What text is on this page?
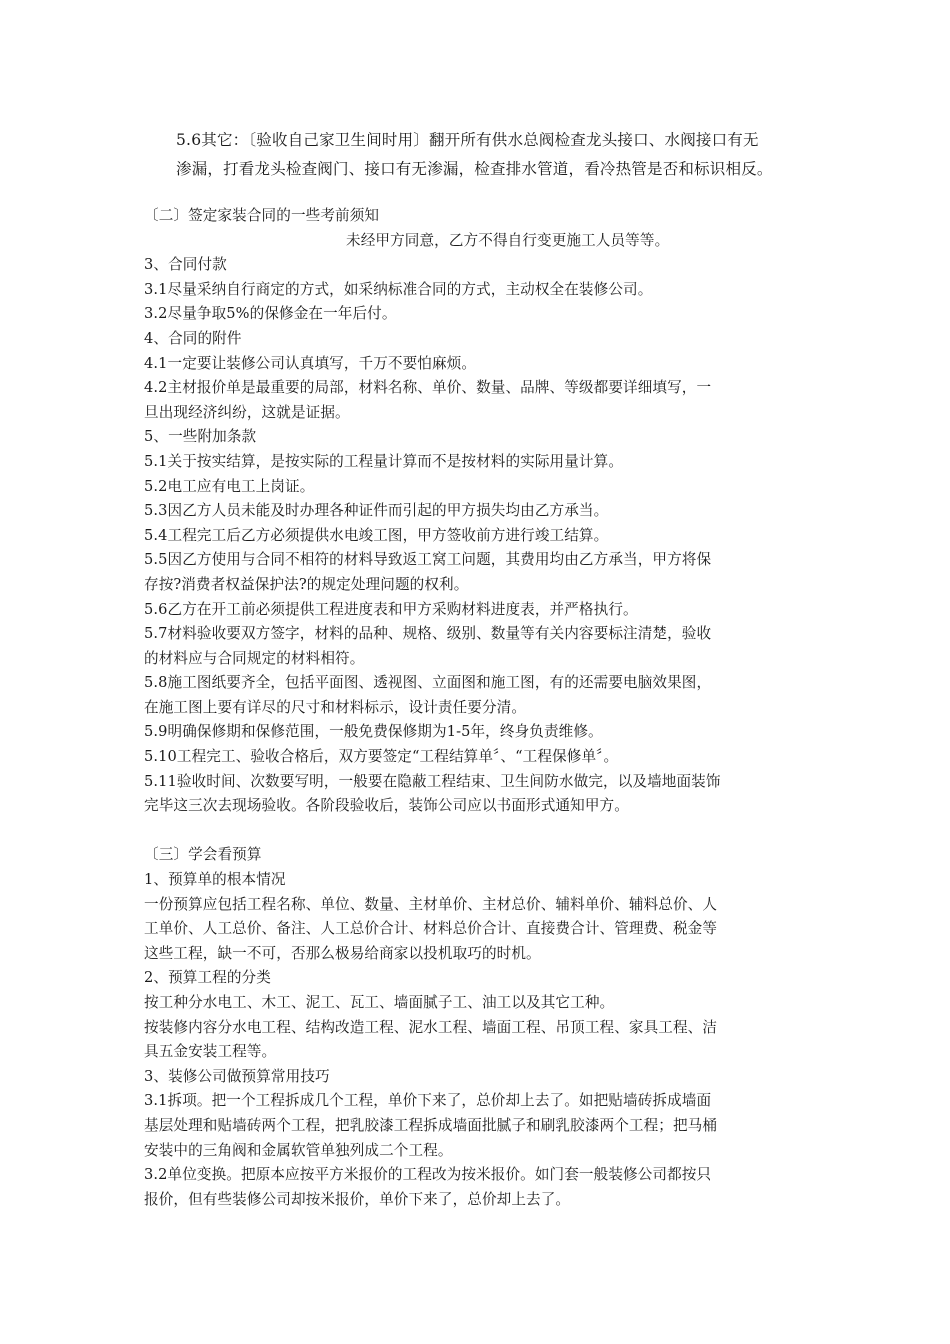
5.6其它：〔验收自己家卫生间时用〕翻开所有供水总阀检查龙头接口、水阀接口有无
渗漏，打看龙头检查阀门、接口有无渗漏，检查排水管道，看冷热管是否和标识相反。
〔二〕签定家装合同的一些考前须知
未经甲方同意，乙方不得自行变更施工人员等等。
3、合同付款
3.1尽量采纳自行商定的方式，如采纳标准合同的方式，主动权全在装修公司。
3.2尽量争取5%的保修金在一年后付。
4、合同的附件
4.1一定要让装修公司认真填写，千万不要怕麻烦。
4.2主材报价单是最重要的局部，材料名称、单价、数量、品牌、等级都要详细填写，一
旦出现经济纠纷，这就是证据。
5、一些附加条款
5.1关于按实结算，是按实际的工程量计算而不是按材料的实际用量计算。
5.2电工应有电工上岗证。
5.3因乙方人员未能及时办理各种证件而引起的甲方损失均由乙方承当。
5.4工程完工后乙方必须提供水电竣工图，甲方签收前方进行竣工结算。
5.5因乙方使用与合同不相符的材料导致返工窝工问题，其费用均由乙方承当，甲方将保
存按?消费者权益保护法?的规定处理问题的权利。
5.6乙方在开工前必须提供工程进度表和甲方采购材料进度表，并严格执行。
5.7材料验收要双方签字，材料的品种、规格、级别、数量等有关内容要标注清楚，验收
的材料应与合同规定的材料相符。
5.8施工图纸要齐全，包括平面图、透视图、立面图和施工图，有的还需要电脑效果图，
在施工图上要有详尽的尺寸和材料标示，设计责任要分清。
5.9明确保修期和保修范围，一般免费保修期为1-5年，终身负责维修。
5.10工程完工、验收合格后，双方要签定“工程结算单〞、“工程保修单〞。
5.11验收时间、次数要写明，一般要在隐蔽工程结束、卫生间防水做完，以及墙地面装饰
完毕这三次去现场验收。各阶段验收后，装饰公司应以书面形式通知甲方。
〔三〕学会看预算
1、预算单的根本情况
一份预算应包括工程名称、单位、数量、主材单价、主材总价、辅料单价、辅料总价、人
工单价、人工总价、备注、人工总价合计、材料总价合计、直接费合计、管理费、税金等
这些工程，缺一不可，否那么极易给商家以投机取巧的时机。
2、预算工程的分类
按工种分水电工、木工、泥工、瓦工、墙面腻子工、油工以及其它工种。
按装修内容分水电工程、结构改造工程、泥水工程、墙面工程、吊顶工程、家具工程、洁
具五金安装工程等。
3、装修公司做预算常用技巧
3.1拆项。把一个工程拆成几个工程，单价下来了，总价却上去了。如把贴墙砖拆成墙面
基层处理和贴墙砖两个工程，把乳胶漆工程拆成墙面批腻子和刷乳胶漆两个工程；把马桶
安装中的三角阀和金属软管单独列成二个工程。
3.2单位变换。把原本应按平方米报价的工程改为按米报价。如门套一般装修公司都按只
报价，但有些装修公司却按米报价，单价下来了，总价却上去了。
